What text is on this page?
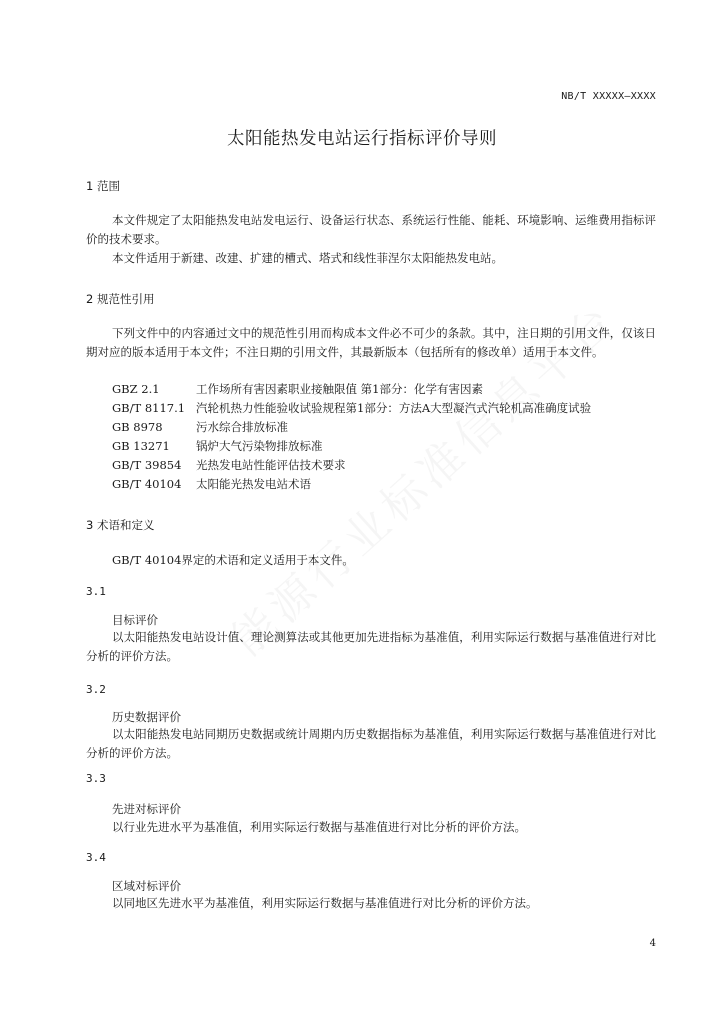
NB/T XXXXX—XXXX
太阳能热发电站运行指标评价导则
1 范围
本文件规定了太阳能热发电站发电运行、设备运行状态、系统运行性能、能耗、环境影响、运维费用指标评价的技术要求。
本文件适用于新建、改建、扩建的槽式、塔式和线性菲涅尔太阳能热发电站。
2 规范性引用
下列文件中的内容通过文中的规范性引用而构成本文件必不可少的条款。其中，注日期的引用文件，仅该日期对应的版本适用于本文件；不注日期的引用文件，其最新版本（包括所有的修改单）适用于本文件。
GBZ 2.1	工作场所有害因素职业接触限值 第1部分：化学有害因素
GB/T 8117.1 汽轮机热力性能验收试验规程第1部分：方法A大型凝汽式汽轮机高准确度试验
GB 8978	污水综合排放标准
GB 13271 锅炉大气污染物排放标准
GB/T 39854 光热发电站性能评估技术要求
GB/T 40104 太阳能光热发电站术语
3 术语和定义
GB/T 40104界定的术语和定义适用于本文件。
3.1
目标评价
以太阳能热发电站设计值、理论测算法或其他更加先进指标为基准值，利用实际运行数据与基准值进行对比分析的评价方法。
3.2
历史数据评价
以太阳能热发电站同期历史数据或统计周期内历史数据指标为基准值，利用实际运行数据与基准值进行对比分析的评价方法。
3.3
先进对标评价
以行业先进水平为基准值，利用实际运行数据与基准值进行对比分析的评价方法。
3.4
区域对标评价
以同地区先进水平为基准值，利用实际运行数据与基准值进行对比分析的评价方法。
4
